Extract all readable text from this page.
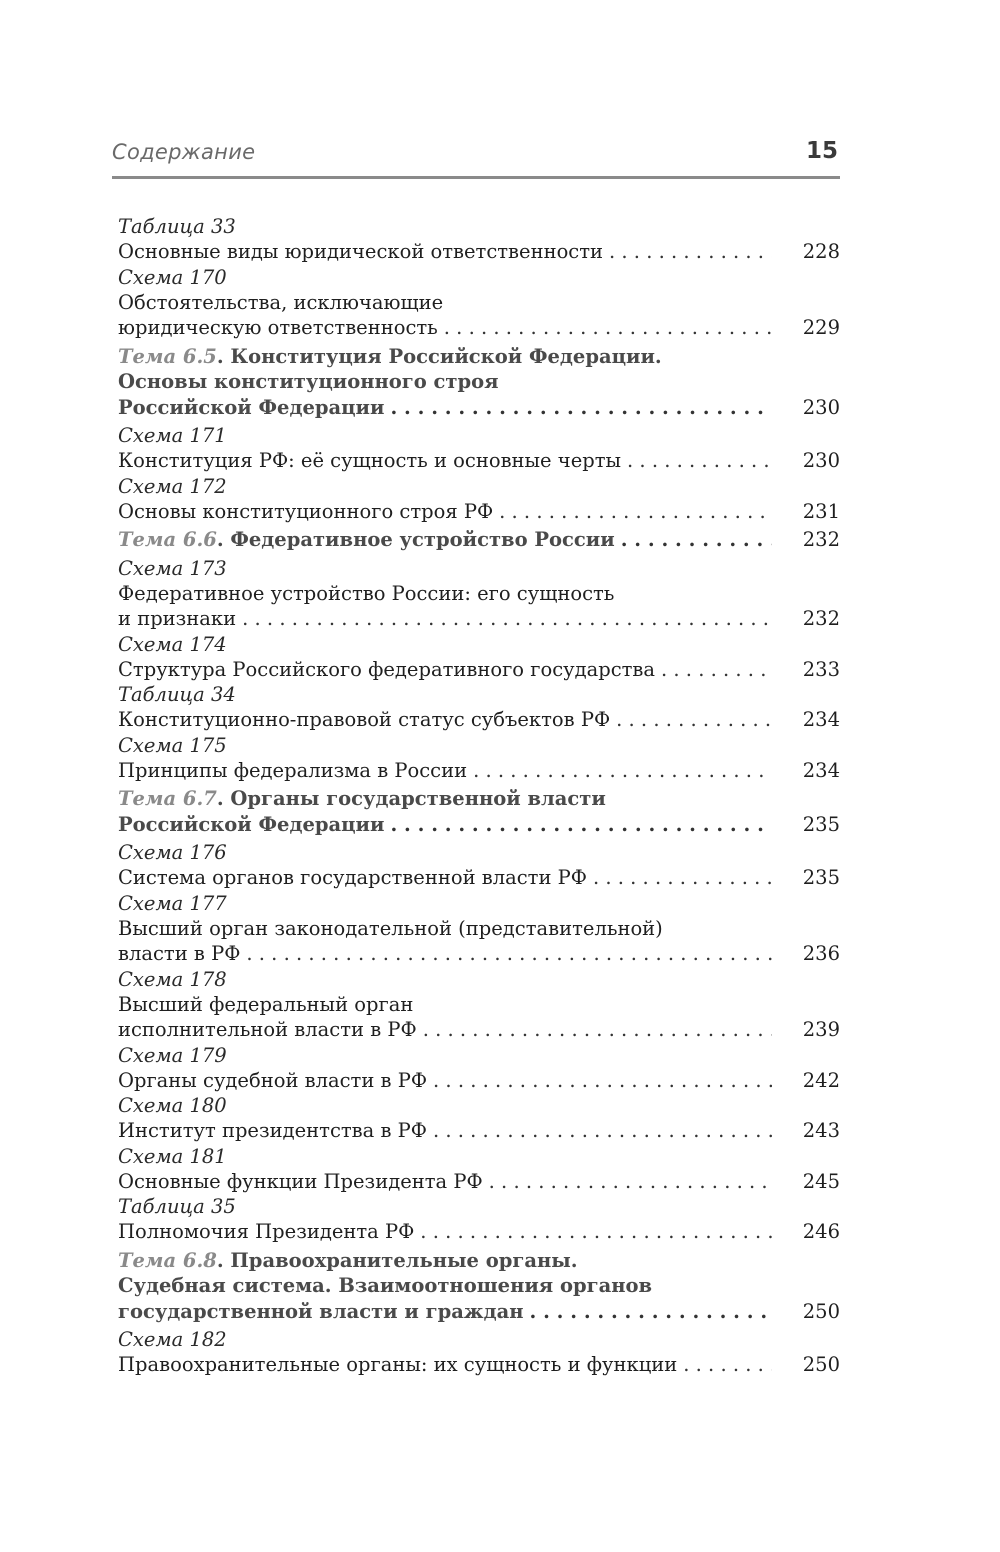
Содержание	15
Таблица 33
Основные виды юридической ответственности . . .	228
Схема 170
Обстоятельства, исключающие
юридическую ответственность . . .	229
Тема 6.5. Конституция Российской Федерации.
Основы конституционного строя
Российской Федерации . . .	230
Схема 171
Конституция РФ: её сущность и основные черты . . .	230
Схема 172
Основы конституционного строя РФ . . .	231
Тема 6.6. Федеративное устройство России . . .	232
Схема 173
Федеративное устройство России: его сущность
и признаки . . .	232
Схема 174
Структура Российского федеративного государства . . .	233
Таблица 34
Конституционно-правовой статус субъектов РФ . . .	234
Схема 175
Принципы федерализма в России . . .	234
Тема 6.7. Органы государственной власти
Российской Федерации . . .	235
Схема 176
Система органов государственной власти РФ . . .	235
Схема 177
Высший орган законодательной (представительной)
власти в РФ . . .	236
Схема 178
Высший федеральный орган
исполнительной власти в РФ . . .	239
Схема 179
Органы судебной власти в РФ . . .	242
Схема 180
Институт президентства в РФ . . .	243
Схема 181
Основные функции Президента РФ . . .	245
Таблица 35
Полномочия Президента РФ . . .	246
Тема 6.8. Правоохранительные органы.
Судебная система. Взаимоотношения органов
государственной власти и граждан . . .	250
Схема 182
Правоохранительные органы: их сущность и функции . . .	250
